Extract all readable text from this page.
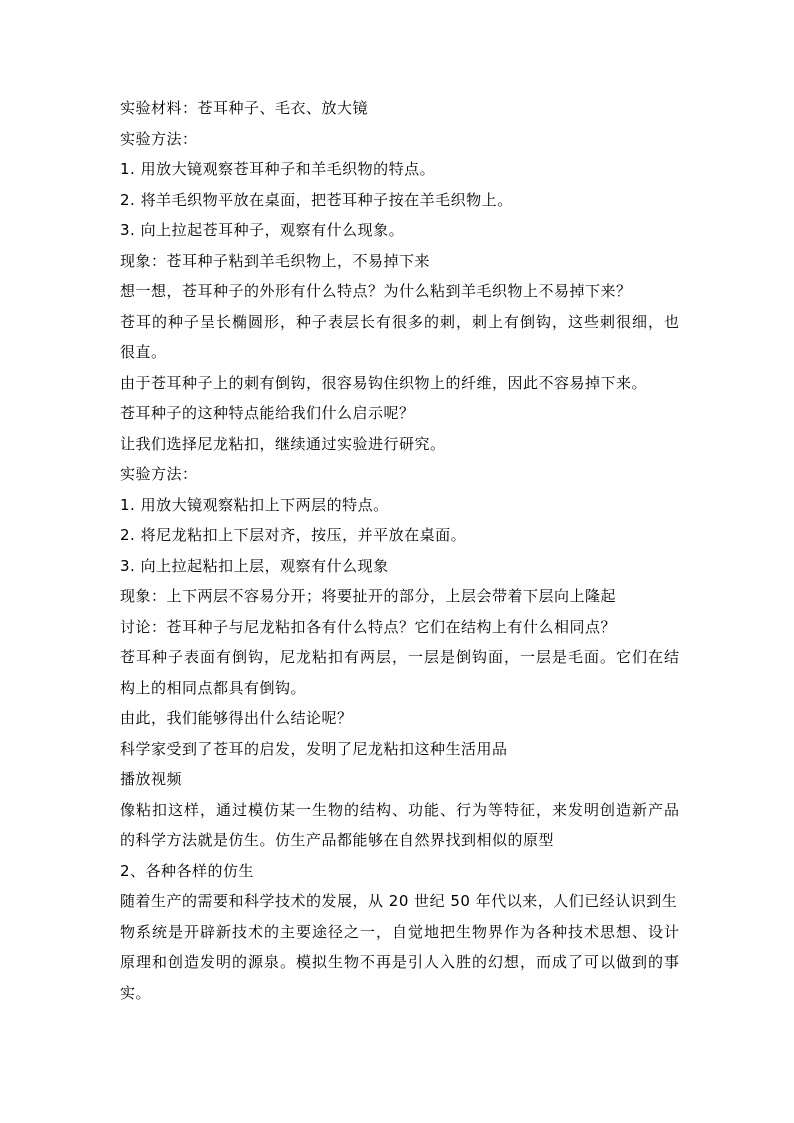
实验材料：苍耳种子、毛衣、放大镜
实验方法：
1. 用放大镜观察苍耳种子和羊毛织物的特点。
2. 将羊毛织物平放在桌面，把苍耳种子按在羊毛织物上。
3. 向上拉起苍耳种子，观察有什么现象。
现象：苍耳种子粘到羊毛织物上，不易掉下来
想一想，苍耳种子的外形有什么特点？为什么粘到羊毛织物上不易掉下来？
苍耳的种子呈长椭圆形，种子表层长有很多的刺，刺上有倒钩，这些刺很细，也
很直。
由于苍耳种子上的刺有倒钩，很容易钩住织物上的纤维，因此不容易掉下来。
苍耳种子的这种特点能给我们什么启示呢？
让我们选择尼龙粘扣，继续通过实验进行研究。
实验方法：
1. 用放大镜观察粘扣上下两层的特点。
2. 将尼龙粘扣上下层对齐，按压，并平放在桌面。
3. 向上拉起粘扣上层，观察有什么现象
现象：上下两层不容易分开；将要扯开的部分，上层会带着下层向上隆起
讨论：苍耳种子与尼龙粘扣各有什么特点？它们在结构上有什么相同点？
苍耳种子表面有倒钩，尼龙粘扣有两层，一层是倒钩面，一层是毛面。它们在结
构上的相同点都具有倒钩。
由此，我们能够得出什么结论呢？
科学家受到了苍耳的启发，发明了尼龙粘扣这种生活用品
播放视频
像粘扣这样，通过模仿某一生物的结构、功能、行为等特征，来发明创造新产品
的科学方法就是仿生。仿生产品都能够在自然界找到相似的原型
2、各种各样的仿生
随着生产的需要和科学技术的发展，从 20 世纪 50 年代以来，人们已经认识到生
物系统是开辟新技术的主要途径之一，自觉地把生物界作为各种技术思想、设计
原理和创造发明的源泉。模拟生物不再是引人入胜的幻想，而成了可以做到的事
实。
